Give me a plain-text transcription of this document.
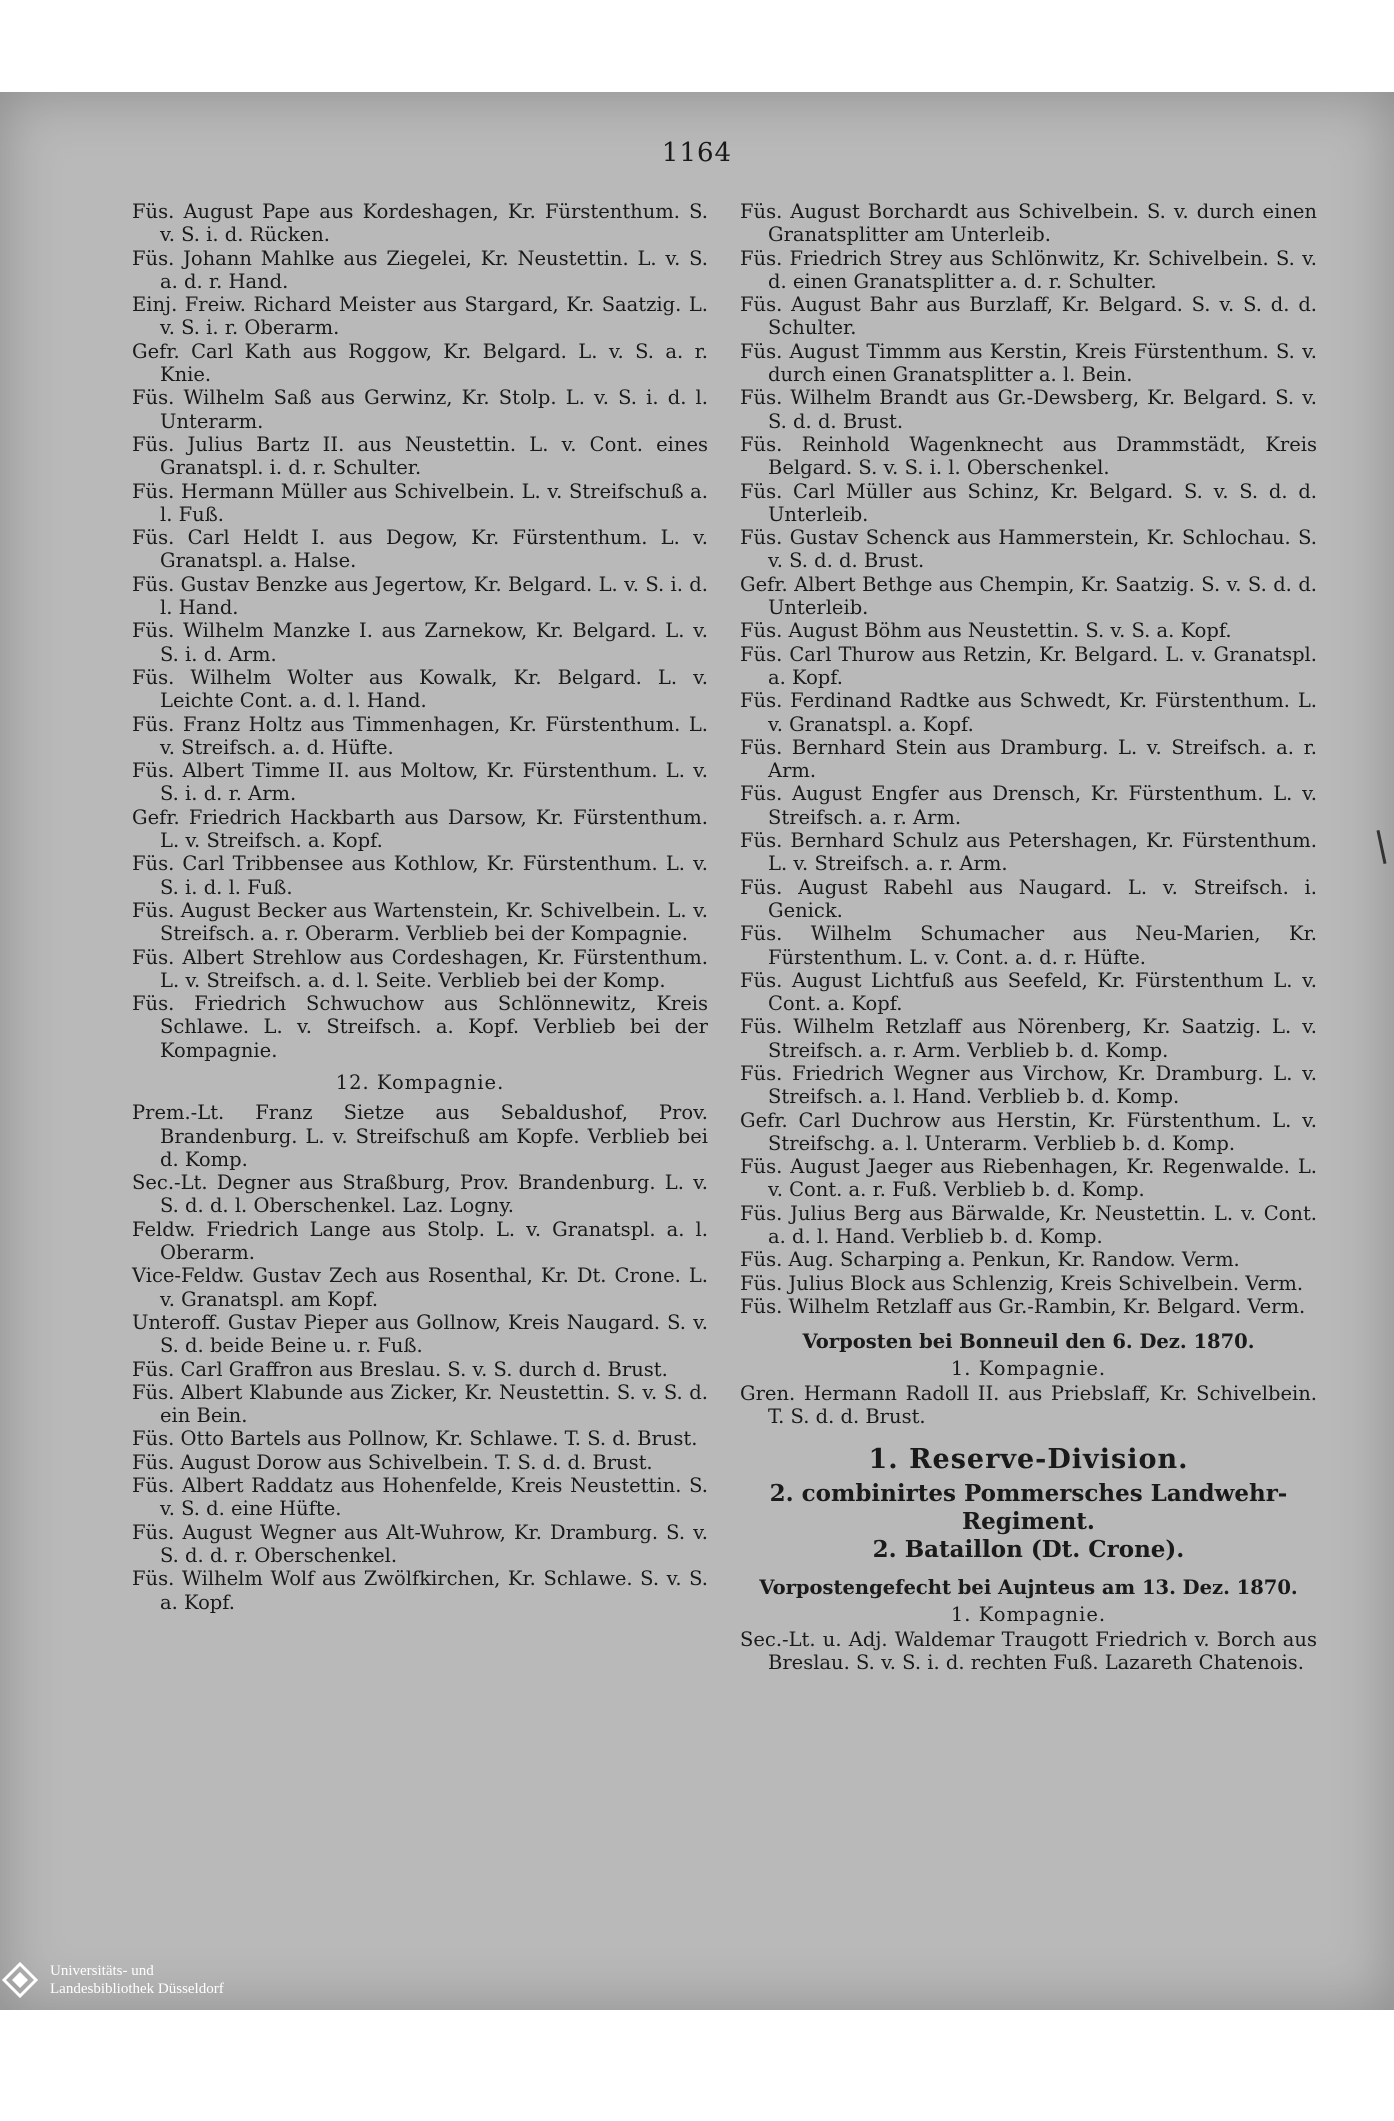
1164

Füs. August Pape aus Kordeshagen, Kr. Fürstenthum. S. v. S. i. d. Rücken.

Füs. Johann Mahlke aus Ziegelei, Kr. Neustettin. L. v. S. a. d. r. Hand.

Einj. Freiw. Richard Meister aus Stargard, Kr. Saatzig. L. v. S. i. r. Oberarm.

Gefr. Carl Kath aus Roggow, Kr. Belgard. L. v. S. a. r. Knie.

Füs. Wilhelm Saß aus Gerwinz, Kr. Stolp. L. v. S. i. d. l. Unterarm.

Füs. Julius Bartz II. aus Neustettin. L. v. Cont. eines Granatspl. i. d. r. Schulter.

Füs. Hermann Müller aus Schivelbein. L. v. Streifschuß a. l. Fuß.

Füs. Carl Heldt I. aus Degow, Kr. Fürstenthum. L. v. Granatspl. a. Halse.

Füs. Gustav Benzke aus Jegertow, Kr. Belgard. L. v. S. i. d. l. Hand.

Füs. Wilhelm Manzke I. aus Zarnekow, Kr. Belgard. L. v. S. i. d. Arm.

Füs. Wilhelm Wolter aus Kowalk, Kr. Belgard. L. v. Leichte Cont. a. d. l. Hand.

Füs. Franz Holtz aus Timmenhagen, Kr. Fürstenthum. L. v. Streifsch. a. d. Hüfte.

Füs. Albert Timme II. aus Moltow, Kr. Fürstenthum. L. v. S. i. d. r. Arm.

Gefr. Friedrich Hackbarth aus Darsow, Kr. Fürstenthum. L. v. Streifsch. a. Kopf.

Füs. Carl Tribbensee aus Kothlow, Kr. Fürstenthum. L. v. S. i. d. l. Fuß.

Füs. August Becker aus Wartenstein, Kr. Schivelbein. L. v. Streifsch. a. r. Oberarm. Verblieb bei der Kompagnie.

Füs. Albert Strehlow aus Cordeshagen, Kr. Fürstenthum. L. v. Streifsch. a. d. l. Seite. Verblieb bei der Komp.

Füs. Friedrich Schwuchow aus Schlönnewitz, Kreis Schlawe. L. v. Streifsch. a. Kopf. Verblieb bei der Kompagnie.

12. Kompagnie.

Prem.-Lt. Franz Sietze aus Sebaldushof, Prov. Brandenburg. L. v. Streifschuß am Kopfe. Verblieb bei d. Komp.

Sec.-Lt. Degner aus Straßburg, Prov. Brandenburg. L. v. S. d. d. l. Oberschenkel. Laz. Logny.

Feldw. Friedrich Lange aus Stolp. L. v. Granatspl. a. l. Oberarm.

Vice-Feldw. Gustav Zech aus Rosenthal, Kr. Dt. Crone. L. v. Granatspl. am Kopf.

Unteroff. Gustav Pieper aus Gollnow, Kreis Naugard. S. v. S. d. beide Beine u. r. Fuß.

Füs. Carl Graffron aus Breslau. S. v. S. durch d. Brust.

Füs. Albert Klabunde aus Zicker, Kr. Neustettin. S. v. S. d. ein Bein.

Füs. Otto Bartels aus Pollnow, Kr. Schlawe. T. S. d. Brust.

Füs. August Dorow aus Schivelbein. T. S. d. d. Brust.

Füs. Albert Raddatz aus Hohenfelde, Kreis Neustettin. S. v. S. d. eine Hüfte.

Füs. August Wegner aus Alt-Wuhrow, Kr. Dramburg. S. v. S. d. d. r. Oberschenkel.

Füs. Wilhelm Wolf aus Zwölfkirchen, Kr. Schlawe. S. v. S. a. Kopf.

Füs. August Borchardt aus Schivelbein. S. v. durch einen Granatsplitter am Unterleib.

Füs. Friedrich Strey aus Schlönwitz, Kr. Schivelbein. S. v. d. einen Granatsplitter a. d. r. Schulter.

Füs. August Bahr aus Burzlaff, Kr. Belgard. S. v. S. d. d. Schulter.

Füs. August Timmm aus Kerstin, Kreis Fürstenthum. S. v. durch einen Granatsplitter a. l. Bein.

Füs. Wilhelm Brandt aus Gr.-Dewsberg, Kr. Belgard. S. v. S. d. d. Brust.

Füs. Reinhold Wagenknecht aus Drammstädt, Kreis Belgard. S. v. S. i. l. Oberschenkel.

Füs. Carl Müller aus Schinz, Kr. Belgard. S. v. S. d. d. Unterleib.

Füs. Gustav Schenck aus Hammerstein, Kr. Schlochau. S. v. S. d. d. Brust.

Gefr. Albert Bethge aus Chempin, Kr. Saatzig. S. v. S. d. d. Unterleib.

Füs. August Böhm aus Neustettin. S. v. S. a. Kopf.

Füs. Carl Thurow aus Retzin, Kr. Belgard. L. v. Granatspl. a. Kopf.

Füs. Ferdinand Radtke aus Schwedt, Kr. Fürstenthum. L. v. Granatspl. a. Kopf.

Füs. Bernhard Stein aus Dramburg. L. v. Streifsch. a. r. Arm.

Füs. August Engfer aus Drensch, Kr. Fürstenthum. L. v. Streifsch. a. r. Arm.

Füs. Bernhard Schulz aus Petershagen, Kr. Fürstenthum. L. v. Streifsch. a. r. Arm.

Füs. August Rabehl aus Naugard. L. v. Streifsch. i. Genick.

Füs. Wilhelm Schumacher aus Neu-Marien, Kr. Fürstenthum. L. v. Cont. a. d. r. Hüfte.

Füs. August Lichtfuß aus Seefeld, Kr. Fürstenthum L. v. Cont. a. Kopf.

Füs. Wilhelm Retzlaff aus Nörenberg, Kr. Saatzig. L. v. Streifsch. a. r. Arm. Verblieb b. d. Komp.

Füs. Friedrich Wegner aus Virchow, Kr. Dramburg. L. v. Streifsch. a. l. Hand. Verblieb b. d. Komp.

Gefr. Carl Duchrow aus Herstin, Kr. Fürstenthum. L. v. Streifschg. a. l. Unterarm. Verblieb b. d. Komp.

Füs. August Jaeger aus Riebenhagen, Kr. Regenwalde. L. v. Cont. a. r. Fuß. Verblieb b. d. Komp.

Füs. Julius Berg aus Bärwalde, Kr. Neustettin. L. v. Cont. a. d. l. Hand. Verblieb b. d. Komp.

Füs. Aug. Scharping a. Penkun, Kr. Randow. Verm.

Füs. Julius Block aus Schlenzig, Kreis Schivelbein. Verm.

Füs. Wilhelm Retzlaff aus Gr.-Rambin, Kr. Belgard. Verm.

Vorposten bei Bonneuil den 6. Dez. 1870.
1. Kompagnie.

Gren. Hermann Radoll II. aus Priebslaff, Kr. Schivelbein. T. S. d. d. Brust.

1. Reserve-Division.
2. combinirtes Pommersches Landwehr-Regiment.
2. Bataillon (Dt. Crone).
Vorpostengefecht bei Aujnteus am 13. Dez. 1870.
1. Kompagnie.

Sec.-Lt. u. Adj. Waldemar Traugott Friedrich v. Borch aus Breslau. S. v. S. i. d. rechten Fuß. Lazareth Chatenois.

Universitäts- und
Landesbibliothek Düsseldorf
